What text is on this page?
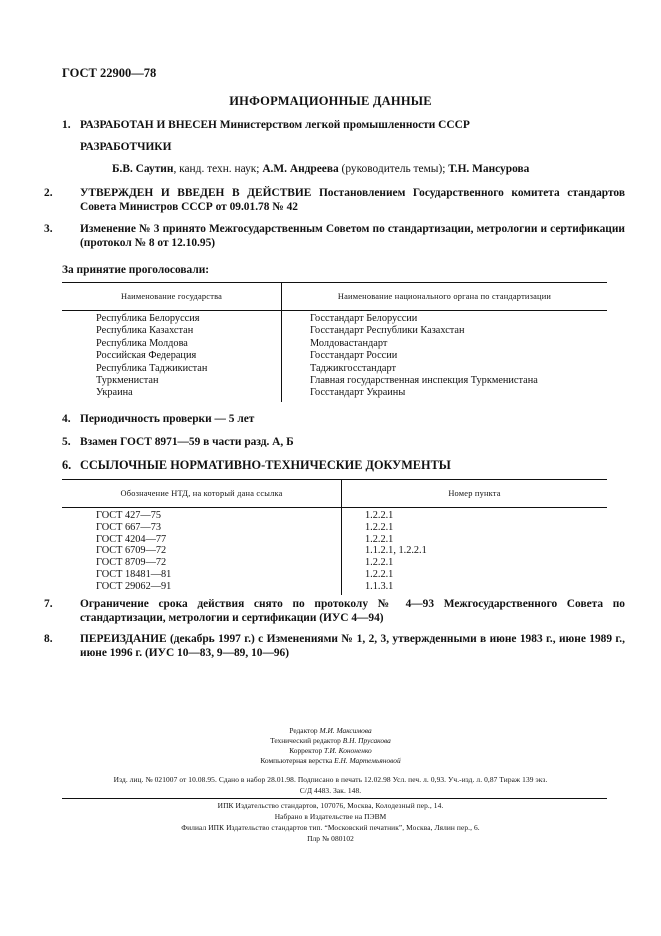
ГОСТ 22900—78
ИНФОРМАЦИОННЫЕ ДАННЫЕ
1. РАЗРАБОТАН И ВНЕСЕН Министерством легкой промышленности СССР
РАЗРАБОТЧИКИ
Б.В. Саутин, канд. техн. наук; А.М. Андреева (руководитель темы); Т.Н. Мансурова
2. УТВЕРЖДЕН И ВВЕДЕН В ДЕЙСТВИЕ Постановлением Государственного комитета стандартов Совета Министров СССР от 09.01.78 № 42
3. Изменение № 3 принято Межгосударственным Советом по стандартизации, метрологии и сертификации (протокол № 8 от 12.10.95)
За принятие проголосовали:
Наименование государства	Наименование национального органа по стандартизации
Республика Белоруссия	Госстандарт Белоруссии
Республика Казахстан	Госстандарт Республики Казахстан
Республика Молдова	Молдовастандарт
Российская Федерация	Госстандарт России
Республика Таджикистан	Таджикгосстандарт
Туркменистан	Главная государственная инспекция Туркменистана
Украина	Госстандарт Украины
4. Периодичность проверки — 5 лет
5. Взамен ГОСТ 8971—59 в части разд. А, Б
6. ССЫЛОЧНЫЕ НОРМАТИВНО-ТЕХНИЧЕСКИЕ ДОКУМЕНТЫ
Обозначение НТД, на который дана ссылка	Номер пункта
ГОСТ 427—75	1.2.2.1
ГОСТ 667—73	1.2.2.1
ГОСТ 4204—77	1.2.2.1
ГОСТ 6709—72	1.1.2.1, 1.2.2.1
ГОСТ 8709—72	1.2.2.1
ГОСТ 18481—81	1.2.2.1
ГОСТ 29062—91	1.1.3.1
7. Ограничение срока действия снято по протоколу № 4—93 Межгосударственного Совета по стандартизации, метрологии и сертификации (ИУС 4—94)
8. ПЕРЕИЗДАНИЕ (декабрь 1997 г.) с Изменениями № 1, 2, 3, утвержденными в июне 1983 г., июне 1989 г., июне 1996 г. (ИУС 10—83, 9—89, 10—96)
Редактор М.И. Максимова
Технический редактор В.Н. Прусакова
Корректор Т.И. Кононенко
Компьютерная верстка Е.Н. Мартемьяновой
Изд. лиц. № 021007 от 10.08.95. Сдано в набор 28.01.98. Подписано в печать 12.02.98 Усл. печ. л. 0,93. Уч.-изд. л. 0,87 Тираж 139 экз.
С/Д 4483. Зак. 148.
ИПК Издательство стандартов, 107076, Москва, Колодезный пер., 14.
Набрано в Издательстве на ПЭВМ
Филиал ИПК Издательство стандартов тип. “Московский печатник”, Москва, Лялин пер., 6.
Плр № 080102
